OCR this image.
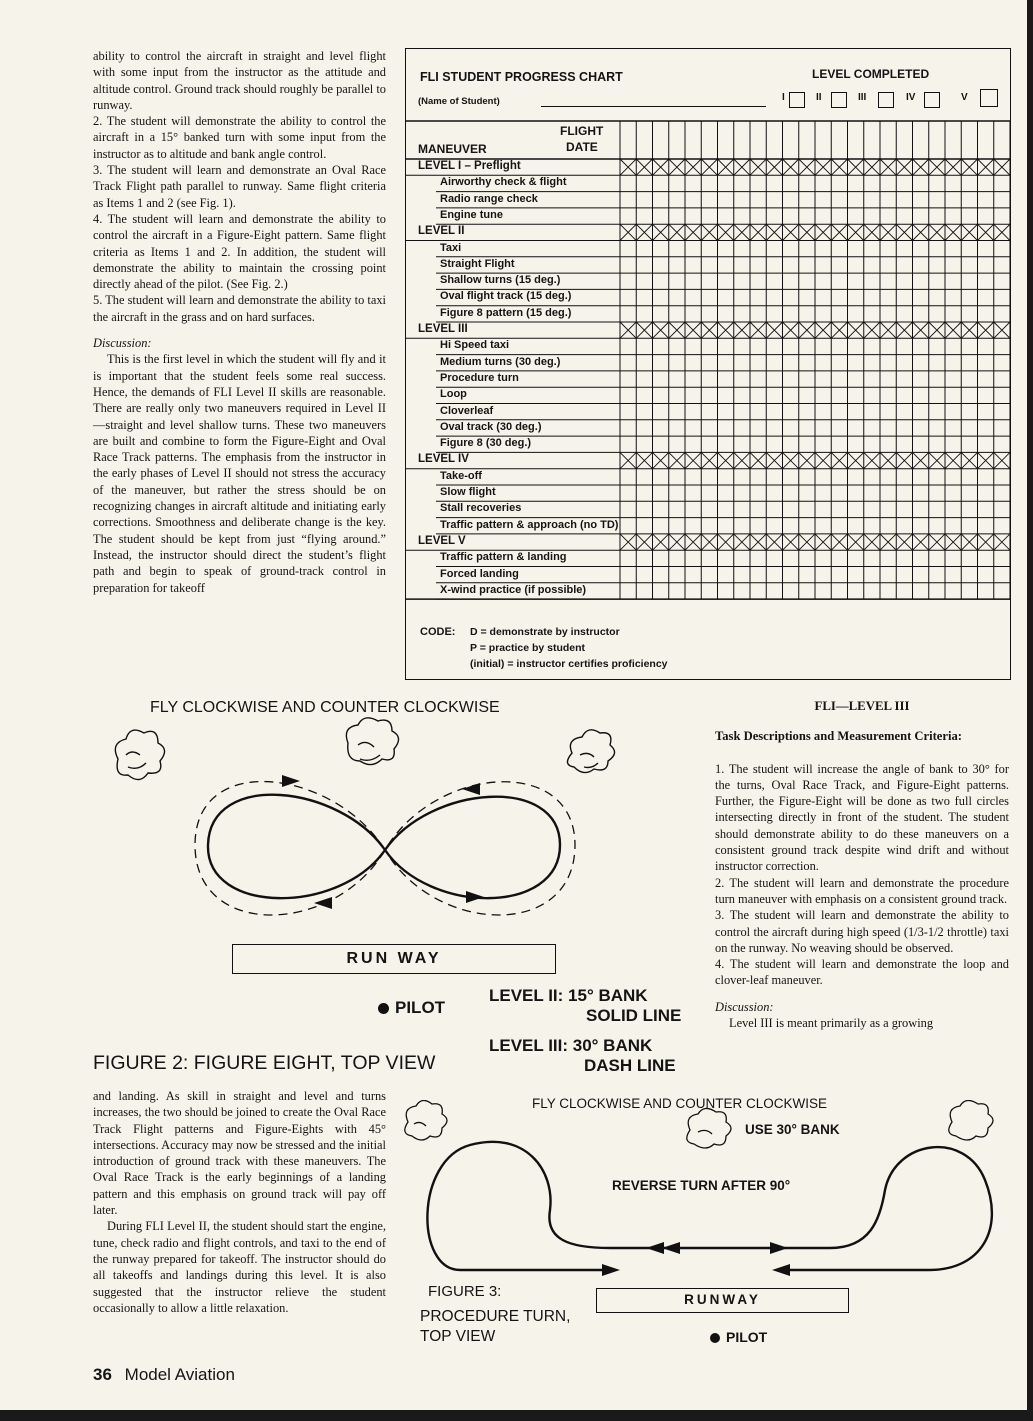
ability to control the aircraft in straight and level flight with some input from the instructor as the attitude and altitude control. Ground track should roughly be parallel to runway.

2. The student will demonstrate the ability to control the aircraft in a 15° banked turn with some input from the instructor as to altitude and bank angle control.

3. The student will learn and demonstrate an Oval Race Track Flight path parallel to runway. Same flight criteria as Items 1 and 2 (see Fig. 1).

4. The student will learn and demonstrate the ability to control the aircraft in a Figure-Eight pattern. Same flight criteria as Items 1 and 2. In addition, the student will demonstrate the ability to maintain the crossing point directly ahead of the pilot. (See Fig. 2.)

5. The student will learn and demonstrate the ability to taxi the aircraft in the grass and on hard surfaces.

Discussion:

This is the first level in which the student will fly and it is important that the student feels some real success. Hence, the demands of FLI Level II skills are reasonable. There are really only two maneuvers required in Level II—straight and level shallow turns. These two maneuvers are built and combine to form the Figure-Eight and Oval Race Track patterns. The emphasis from the instructor in the early phases of Level II should not stress the accuracy of the maneuver, but rather the stress should be on recognizing changes in aircraft altitude and initiating early corrections. Smoothness and deliberate change is the key. The student should be kept from just “flying around.” Instead, the instructor should direct the student’s flight path and begin to speak of ground-track control in preparation for takeoff

FLI STUDENT PROGRESS CHART
(Name of Student)
LEVEL COMPLETED
I	II	III	IV	V
FLIGHT
DATE
MANEUVER
LEVEL I – Preflight
Airworthy check & flight
Radio range check
Engine tune
LEVEL II
Taxi
Straight Flight
Shallow turns (15 deg.)
Oval flight track (15 deg.)
Figure 8 pattern (15 deg.)
LEVEL III
Hi Speed taxi
Medium turns (30 deg.)
Procedure turn
Loop
Cloverleaf
Oval track (30 deg.)
Figure 8 (30 deg.)
LEVEL IV
Take-off
Slow flight
Stall recoveries
Traffic pattern & approach (no TD)
LEVEL V
Traffic pattern & landing
Forced landing
X-wind practice (if possible)
CODE: D = demonstrate by instructor
P = practice by student
(initial) = instructor certifies proficiency
FLY CLOCKWISE AND COUNTER CLOCKWISE
RUN WAY
PILOT
LEVEL II: 15° BANK
SOLID LINE
LEVEL III: 30° BANK
DASH LINE
FIGURE 2: FIGURE EIGHT, TOP VIEW

FLI—LEVEL III

Task Descriptions and Measurement Criteria:

1. The student will increase the angle of bank to 30° for the turns, Oval Race Track, and Figure-Eight patterns. Further, the Figure-Eight will be done as two full circles intersecting directly in front of the student. The student should demonstrate ability to do these maneuvers on a consistent ground track despite wind drift and without instructor correction.

2. The student will learn and demonstrate the procedure turn maneuver with emphasis on a consistent ground track.

3. The student will learn and demonstrate the ability to control the aircraft during high speed (1/3-1/2 throttle) taxi on the runway. No weaving should be observed.

4. The student will learn and demonstrate the loop and clover-leaf maneuver.

Discussion:

Level III is meant primarily as a growing

and landing. As skill in straight and level and turns increases, the two should be joined to create the Oval Race Track Flight patterns and Figure-Eights with 45° intersections. Accuracy may now be stressed and the initial introduction of ground track with these maneuvers. The Oval Race Track is the early beginnings of a landing pattern and this emphasis on ground track will pay off later.

During FLI Level II, the student should start the engine, tune, check radio and flight controls, and taxi to the end of the runway prepared for takeoff. The instructor should do all takeoffs and landings during this level. It is also suggested that the instructor relieve the student occasionally to allow a little relaxation.

FLY CLOCKWISE AND COUNTER CLOCKWISE
USE 30° BANK
REVERSE TURN AFTER 90°
FIGURE 3:	RUNWAY
PROCEDURE TURN,
TOP VIEW	PILOT
36 Model Aviation
